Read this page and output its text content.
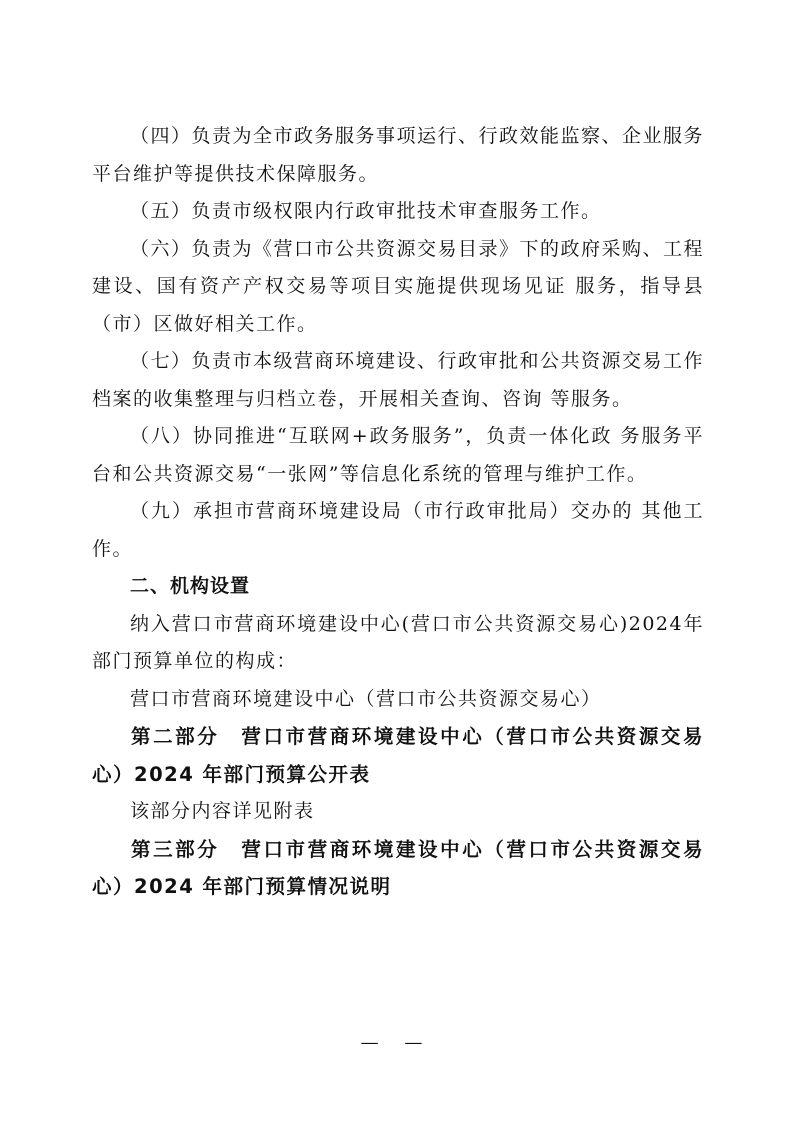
（四）负责为全市政务服务事项运行、行政效能监察、企业服务平台维护等提供技术保障服务。

（五）负责市级权限内行政审批技术审查服务工作。

（六）负责为《营口市公共资源交易目录》下的政府采购、工程建设、国有资产产权交易等项目实施提供现场见证 服务，指导县（市）区做好相关工作。

（七）负责市本级营商环境建设、行政审批和公共资源交易工作档案的收集整理与归档立卷，开展相关查询、咨询 等服务。

（八）协同推进“互联网+政务服务”，负责一体化政 务服务平台和公共资源交易“一张网”等信息化系统的管理与维护工作。

（九）承担市营商环境建设局（市行政审批局）交办的 其他工作。

二、机构设置

纳入营口市营商环境建设中心(营口市公共资源交易心)2024年部门预算单位的构成：

营口市营商环境建设中心（营口市公共资源交易心）

第二部分　营口市营商环境建设中心（营口市公共资源交易心）2024 年部门预算公开表

该部分内容详见附表

第三部分　营口市营商环境建设中心（营口市公共资源交易心）2024 年部门预算情况说明

— —
